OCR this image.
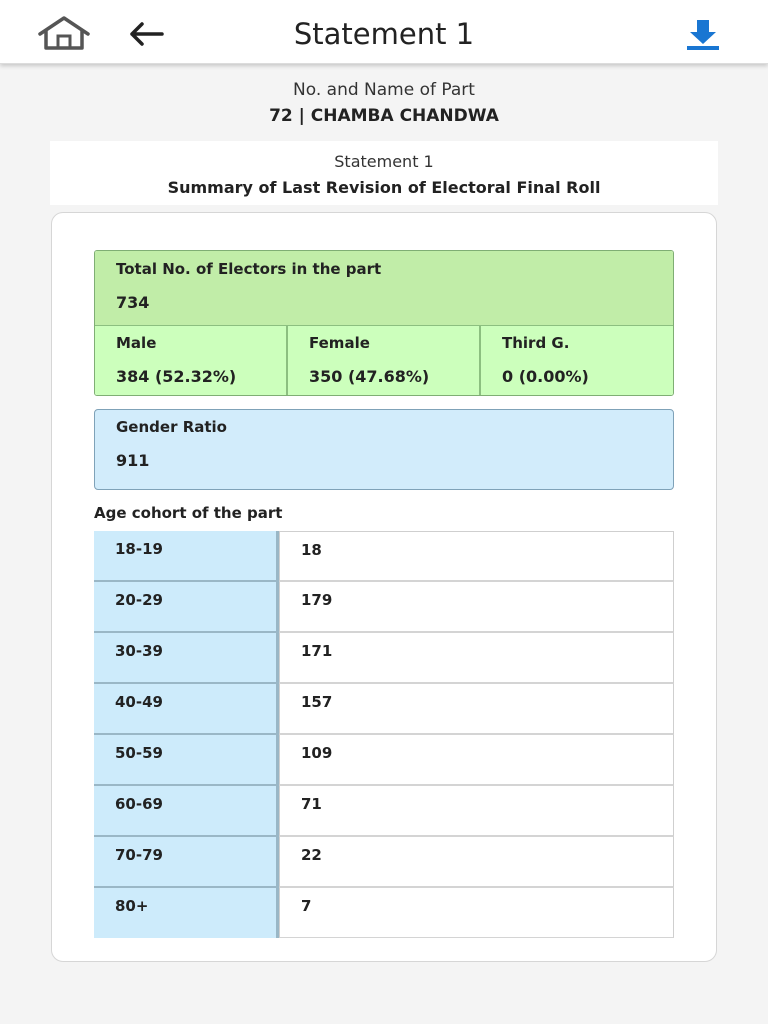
Statement 1
No. and Name of Part
72 | CHAMBA CHANDWA
Statement 1
Summary of Last Revision of Electoral Final Roll
Total No. of Electors in the part
734
Male
384 (52.32%)
Female
350 (47.68%)
Third G.
0 (0.00%)
Gender Ratio
911
Age cohort of the part
18-19	18
20-29	179
30-39	171
40-49	157
50-59	109
60-69	71
70-79	22
80+	7
